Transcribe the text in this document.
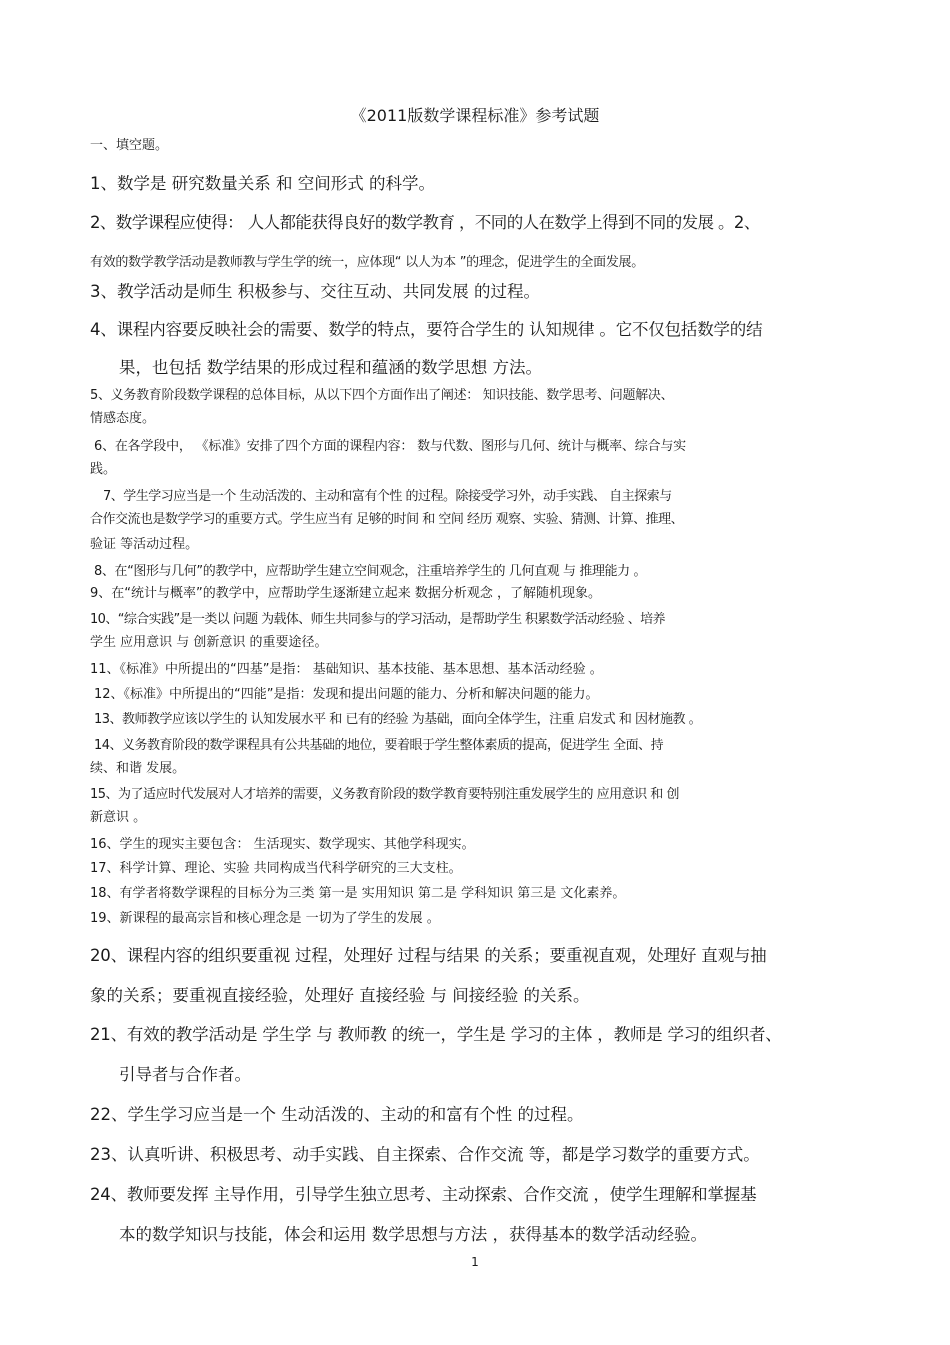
《2011版数学课程标准》参考试题
一、填空题。
1、数学是 研究数量关系 和 空间形式 的科学。
2、数学课程应使得： 人人都能获得良好的数学教育 ，不同的人在数学上得到不同的发展 。2、
有效的数学教学活动是教师教与学生学的统一，应体现“ 以人为本 ”的理念，促进学生的全面发展。
3、教学活动是师生 积极参与、交往互动、共同发展 的过程。
4、课程内容要反映社会的需要、数学的特点，要符合学生的 认知规律 。它不仅包括数学的结
果，也包括 数学结果的形成过程和蕴涵的数学思想 方法。
5、义务教育阶段数学课程的总体目标，从以下四个方面作出了阐述： 知识技能、数学思考、问题解决、
情感态度。
6、在各学段中， 《标准》安排了四个方面的课程内容： 数与代数、图形与几何、统计与概率、综合与实
践。
7、学生学习应当是一个 生动活泼的、主动和富有个性 的过程。除接受学习外，动手实践、 自主探索与
合作交流也是数学学习的重要方式。学生应当有 足够的时间 和 空间 经历 观察、实验、猜测、计算、推理、
验证 等活动过程。
8、在“图形与几何”的教学中，应帮助学生建立空间观念，注重培养学生的 几何直观 与 推理能力 。
9、在“统计与概率”的教学中，应帮助学生逐渐建立起来 数据分析观念 ，了解随机现象。
10、“综合实践”是一类以 问题 为载体、师生共同参与的学习活动，是帮助学生 积累数学活动经验 、培养
学生 应用意识 与 创新意识 的重要途径。
11、《标准》中所提出的“四基”是指： 基础知识、基本技能、基本思想、基本活动经验 。
12、《标准》中所提出的“四能”是指：发现和提出问题的能力、分析和解决问题的能力。
13、教师教学应该以学生的 认知发展水平 和 已有的经验 为基础，面向全体学生，注重 启发式 和 因材施教 。
14、义务教育阶段的数学课程具有公共基础的地位，要着眼于学生整体素质的提高，促进学生 全面、持
续、和谐 发展。
15、为了适应时代发展对人才培养的需要，义务教育阶段的数学教育要特别注重发展学生的 应用意识 和 创
新意识 。
16、学生的现实主要包含： 生活现实、数学现实、其他学科现实。
17、科学计算、理论、实验 共同构成当代科学研究的三大支柱。
18、有学者将数学课程的目标分为三类 第一是 实用知识 第二是 学科知识 第三是 文化素养。
19、新课程的最高宗旨和核心理念是 一切为了学生的发展 。
20、课程内容的组织要重视 过程，处理好 过程与结果 的关系；要重视直观，处理好 直观与抽
象的关系；要重视直接经验，处理好 直接经验 与 间接经验 的关系。
21、有效的教学活动是 学生学 与 教师教 的统一，学生是 学习的主体 ，教师是 学习的组织者、
引导者与合作者。
22、学生学习应当是一个 生动活泼的、主动的和富有个性 的过程。
23、认真听讲、积极思考、动手实践、自主探索、合作交流 等，都是学习数学的重要方式。
24、教师要发挥 主导作用，引导学生独立思考、主动探索、合作交流 ，使学生理解和掌握基
本的数学知识与技能，体会和运用 数学思想与方法 ，获得基本的数学活动经验。
1
